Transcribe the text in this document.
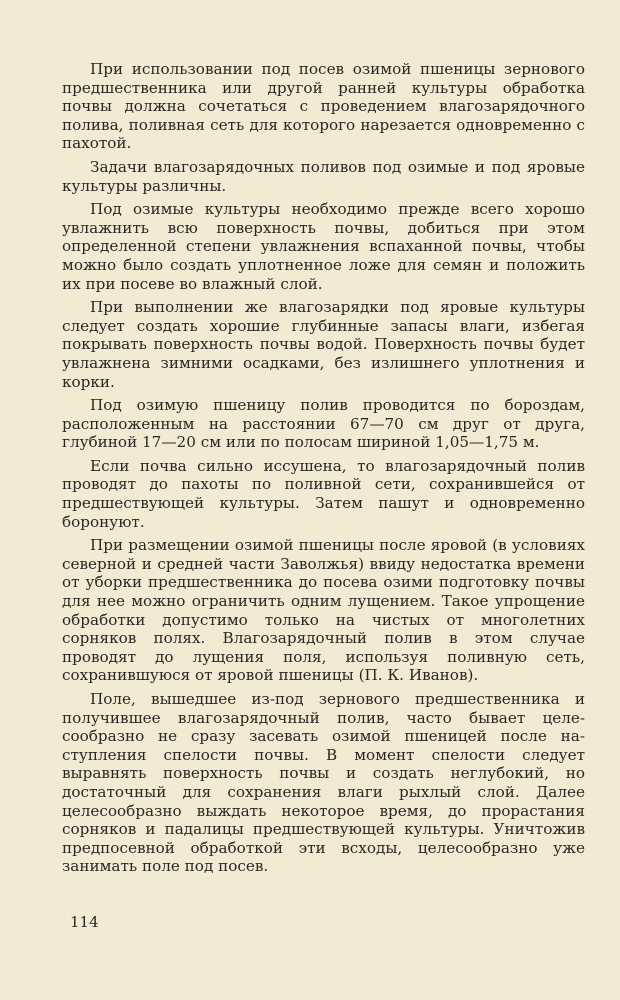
При использовании под посев озимой пшеницы зернового предшественника или другой ранней культуры обработка почвы должна сочетаться с проведением влагозарядочного полива, поливная сеть для которого нарезается одновременно с пахотой.

Задачи влагозарядочных поливов под озимые и под яровые культуры различны.

Под озимые культуры необходимо прежде всего хорошо увлажнить всю поверхность почвы, добиться при этом определенной степени увлажнения вспаханной почвы, чтобы можно было создать уплотненное ложе для семян и положить их при посеве во влажный слой.

При выполнении же влагозарядки под яровые культуры следует создать хорошие глубинные запасы влаги, избегая покрывать поверхность почвы водой. Поверхность почвы будет увлажнена зимними осадками, без излишнего уплотнения и корки.

Под озимую пшеницу полив проводится по бороздам, расположенным на расстоянии 67—70 см друг от друга, глубиной 17—20 см или по полосам шириной 1,05—1,75 м.

Если почва сильно иссушена, то влагозарядочный полив проводят до пахоты по поливной сети, сохранившейся от предшествующей культуры. Затем пашут и одновременно боронуют.

При размещении озимой пшеницы после яровой (в условиях северной и средней части Заволжья) ввиду недостатка времени от уборки предшественника до посева озими подготовку почвы для нее можно ограничить одним лущением. Такое упрощение обработки допустимо только на чистых от многолетних сорняков полях. Влагозарядочный полив в этом случае проводят до лущения поля, используя поливную сеть, сохранившуюся от яровой пшеницы (П. К. Иванов).

Поле, вышедшее из-под зернового предшественника и получившее влагозарядочный полив, часто бывает целесообразно не сразу засевать озимой пшеницей после наступления спелости почвы. В момент спелости следует выравнять поверхность почвы и создать неглубокий, но достаточный для сохранения влаги рыхлый слой. Далее целесообразно выждать некоторое время, до прорастания сорняков и падалицы предшествующей культуры. Уничтожив предпосевной обработкой эти всходы, целесообразно уже занимать поле под посев.

114
